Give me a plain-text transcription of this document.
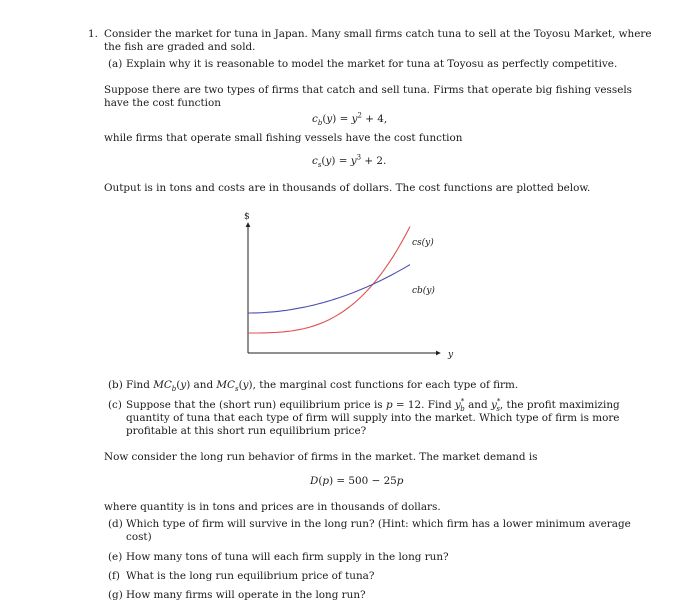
1. Consider the market for tuna in Japan. Many small firms catch tuna to sell at the Toyosu Market, where
the fish are graded and sold.
(a) Explain why it is reasonable to model the market for tuna at Toyosu as perfectly competitive.
Suppose there are two types of firms that catch and sell tuna. Firms that operate big fishing vessels
have the cost function
$c_b(y) = y^2 + 4$,
while firms that operate small fishing vessels have the cost function
$c_s(y) = y^3 + 2$.
Output is in tons and costs are in thousands of dollars. The cost functions are plotted below.
$
y
cs(y)
cb(y)
(b) Find $MC_b(y)$ and $MC_s(y)$, the marginal cost functions for each type of firm.
(c) Suppose that the (short run) equilibrium price is p = 12. Find $y^*_b$ and $y^*_s$, the profit maximizing
quantity of tuna that each type of firm will supply into the market. Which type of firm is more
profitable at this short run equilibrium price?
Now consider the long run behavior of firms in the market. The market demand is
D(p) = 500 − 25p
where quantity is in tons and prices are in thousands of dollars.
(d) Which type of firm will survive in the long run? (Hint: which firm has a lower minimum average
cost)
(e) How many tons of tuna will each firm supply in the long run?
(f) What is the long run equilibrium price of tuna?
(g) How many firms will operate in the long run?
